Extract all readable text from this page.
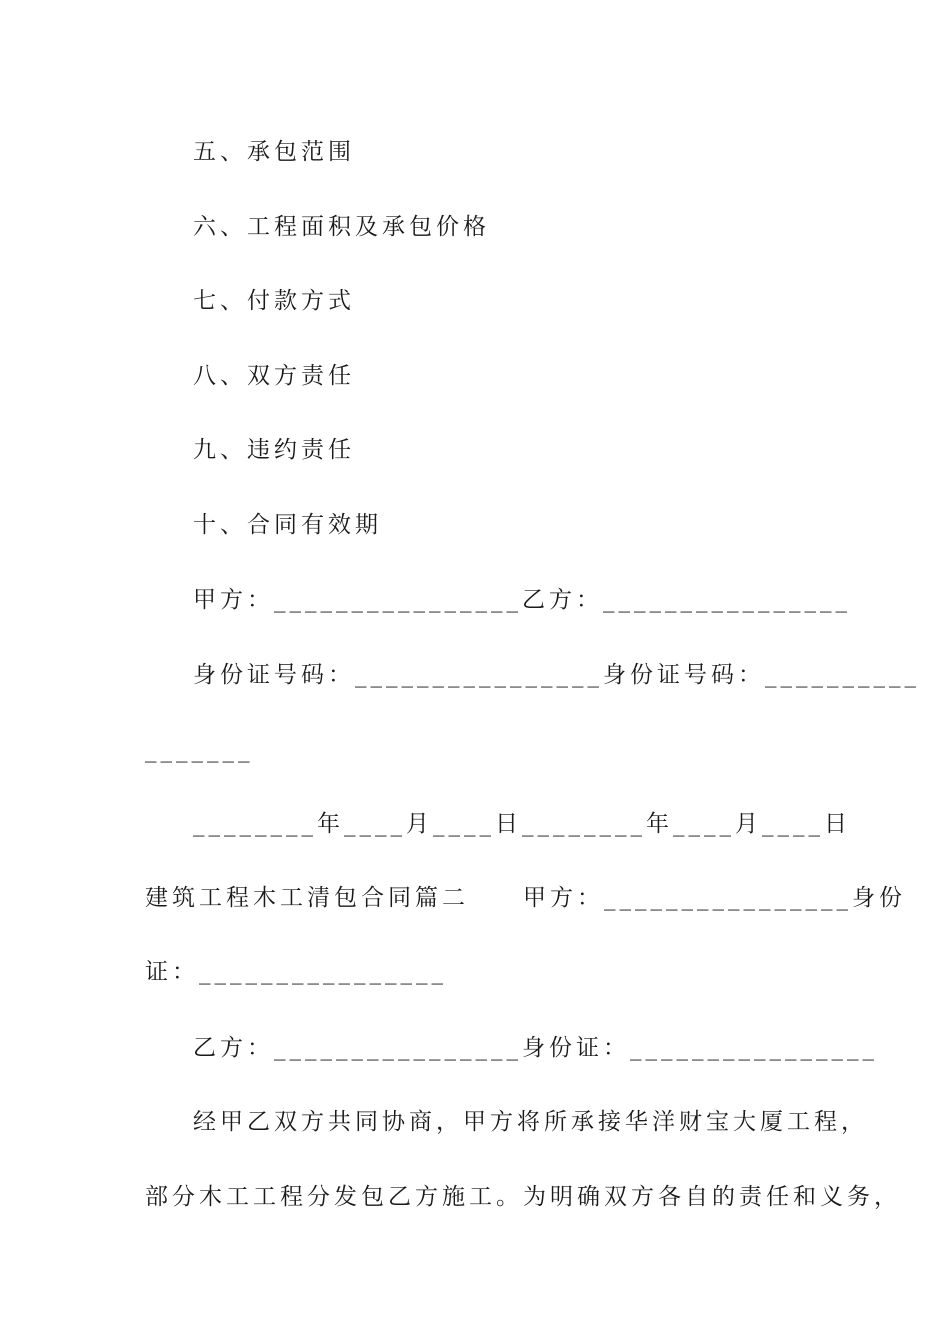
五、承包范围
六、工程面积及承包价格
七、付款方式
八、双方责任
九、违约责任
十、合同有效期
甲方：________________乙方：________________
身份证号码：________________身份证号码：__________
_______
________年____月____日________年____月____日
建筑工程木工清包合同篇二　　甲方：________________身份
证：________________
乙方：________________身份证：________________
经甲乙双方共同协商，甲方将所承接华洋财宝大厦工程，
部分木工工程分发包乙方施工。为明确双方各自的责任和义务，
